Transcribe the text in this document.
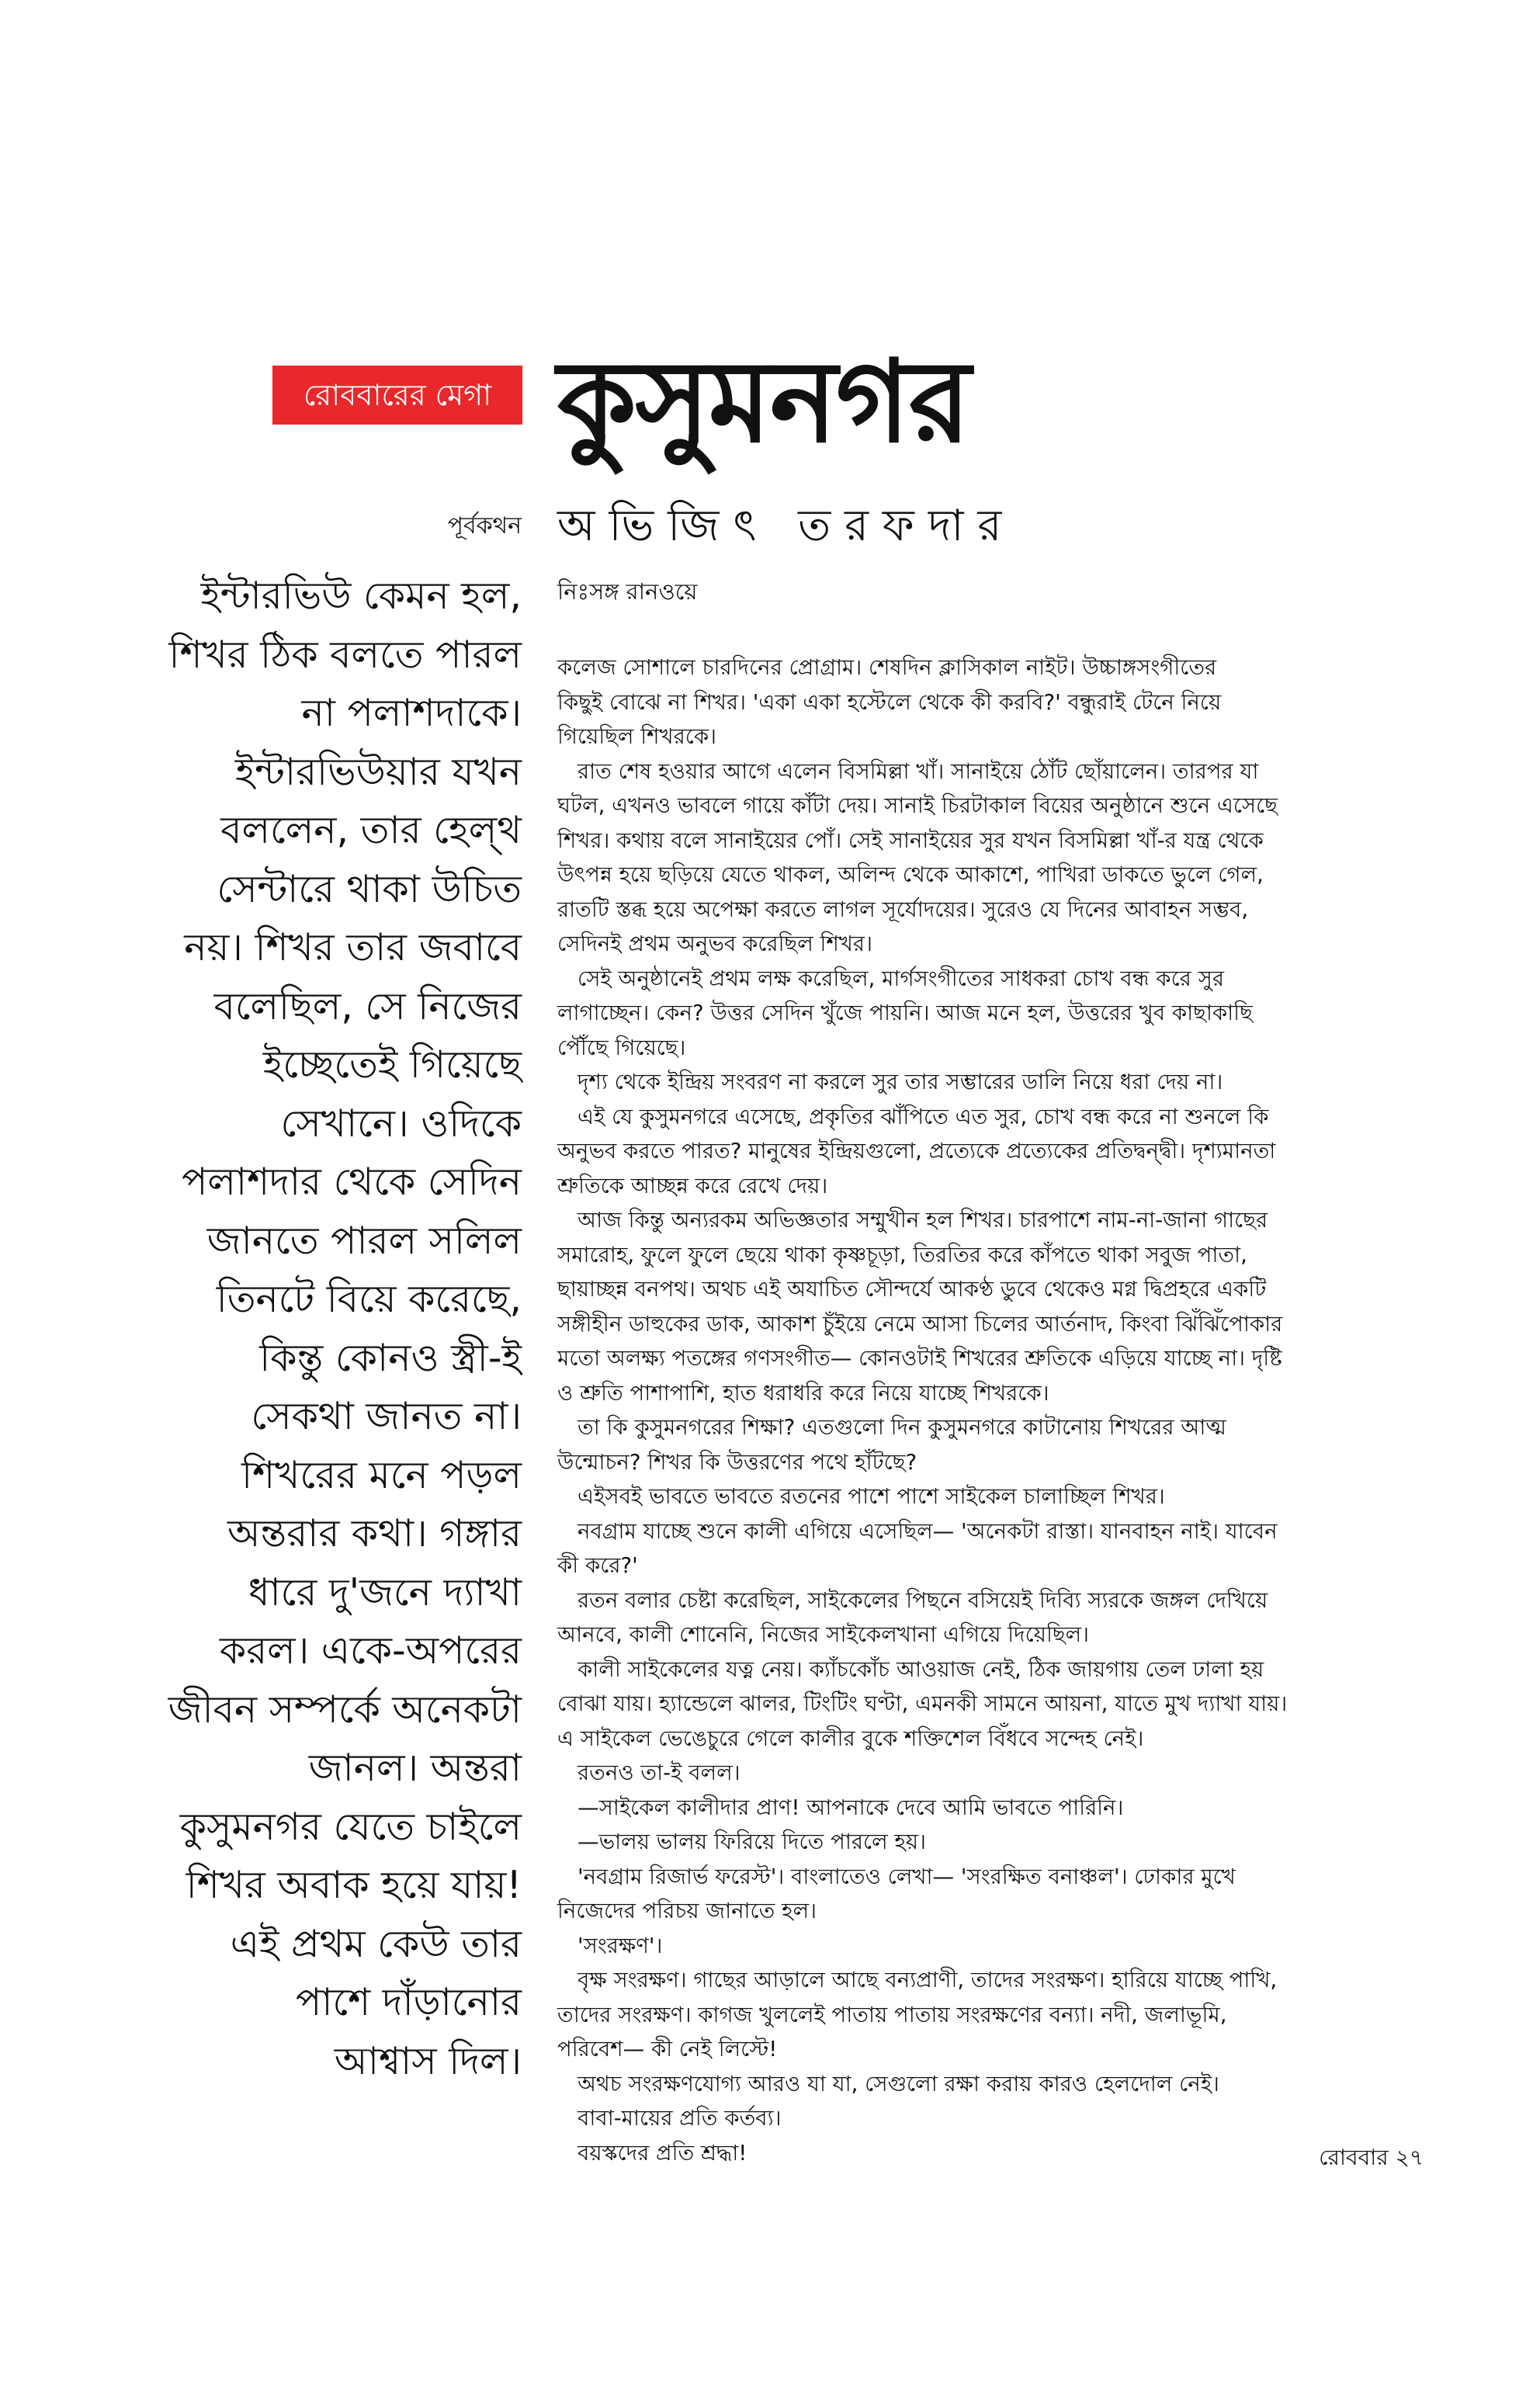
রোববারের মেগা কুসুমনগর
পূর্বকথন অভিজিৎ তরফদার
ইন্টারভিউ কেমন হল,
শিখর ঠিক বলতে পারল
না পলাশদাকে।
ইন্টারভিউয়ার যখন
বললেন, তার হেল্থ
সেন্টারে থাকা উচিত
নয়। শিখর তার জবাবে
বলেছিল, সে নিজের
ইচ্ছেতেই গিয়েছে
সেখানে। ওদিকে
পলাশদার থেকে সেদিন
জানতে পারল সলিল
তিনটে বিয়ে করেছে,
কিন্তু কোনও স্ত্রী-ই
সেকথা জানত না।
শিখরের মনে পড়ল
অন্তরার কথা। গঙ্গার
ধারে দু'জনে দ্যাখা
করল। একে-অপরের
জীবন সম্পর্কে অনেকটা
জানল। অন্তরা
কুসুমনগর যেতে চাইলে
শিখর অবাক হয়ে যায়!
এই প্রথম কেউ তার
পাশে দাঁড়ানোর
আশ্বাস দিল।
নিঃসঙ্গ রানওয়ে
কলেজ সোশালে চারদিনের প্রোগ্রাম। শেষদিন ক্লাসিকাল নাইট। উচ্চাঙ্গসংগীতের
কিছুই বোঝে না শিখর। 'একা একা হস্টেলে থেকে কী করবি?' বন্ধুরাই টেনে নিয়ে
গিয়েছিল শিখরকে।
রাত শেষ হওয়ার আগে এলেন বিসমিল্লা খাঁ। সানাইয়ে ঠোঁট ছোঁয়ালেন। তারপর যা
ঘটল, এখনও ভাবলে গায়ে কাঁটা দেয়। সানাই চিরটাকাল বিয়ের অনুষ্ঠানে শুনে এসেছে
শিখর। কথায় বলে সানাইয়ের পোঁ। সেই সানাইয়ের সুর যখন বিসমিল্লা খাঁ-র যন্ত্র থেকে
উৎপন্ন হয়ে ছড়িয়ে যেতে থাকল, অলিন্দ থেকে আকাশে, পাখিরা ডাকতে ভুলে গেল,
রাতটি স্তব্ধ হয়ে অপেক্ষা করতে লাগল সূর্যোদয়ের। সুরেও যে দিনের আবাহন সম্ভব,
সেদিনই প্রথম অনুভব করেছিল শিখর।
সেই অনুষ্ঠানেই প্রথম লক্ষ করেছিল, মার্গসংগীতের সাধকরা চোখ বন্ধ করে সুর
লাগাচ্ছেন। কেন? উত্তর সেদিন খুঁজে পায়নি। আজ মনে হল, উত্তরের খুব কাছাকাছি
পৌঁছে গিয়েছে।
দৃশ্য থেকে ইন্দ্রিয় সংবরণ না করলে সুর তার সম্ভারের ডালি নিয়ে ধরা দেয় না।
এই যে কুসুমনগরে এসেছে, প্রকৃতির ঝাঁপিতে এত সুর, চোখ বন্ধ করে না শুনলে কি
অনুভব করতে পারত? মানুষের ইন্দ্রিয়গুলো, প্রত্যেকে প্রত্যেকের প্রতিদ্বন্দ্বী। দৃশ্যমানতা
শ্রুতিকে আচ্ছন্ন করে রেখে দেয়।
আজ কিন্তু অন্যরকম অভিজ্ঞতার সম্মুখীন হল শিখর। চারপাশে নাম-না-জানা গাছের
সমারোহ, ফুলে ফুলে ছেয়ে থাকা কৃষ্ণচূড়া, তিরতির করে কাঁপতে থাকা সবুজ পাতা,
ছায়াচ্ছন্ন বনপথ। অথচ এই অযাচিত সৌন্দর্যে আকণ্ঠ ডুবে থেকেও মগ্ন দ্বিপ্রহরে একটি
সঙ্গীহীন ডাহুকের ডাক, আকাশ চুঁইয়ে নেমে আসা চিলের আর্তনাদ, কিংবা ঝিঁঝিঁপোকার
মতো অলক্ষ্য পতঙ্গের গণসংগীত— কোনওটাই শিখরের শ্রুতিকে এড়িয়ে যাচ্ছে না। দৃষ্টি
ও শ্রুতি পাশাপাশি, হাত ধরাধরি করে নিয়ে যাচ্ছে শিখরকে।
তা কি কুসুমনগরের শিক্ষা? এতগুলো দিন কুসুমনগরে কাটানোয় শিখরের আত্ম
উন্মোচন? শিখর কি উত্তরণের পথে হাঁটছে?
এইসবই ভাবতে ভাবতে রতনের পাশে পাশে সাইকেল চালাচ্ছিল শিখর।
নবগ্রাম যাচ্ছে শুনে কালী এগিয়ে এসেছিল— 'অনেকটা রাস্তা। যানবাহন নাই। যাবেন
কী করে?'
রতন বলার চেষ্টা করেছিল, সাইকেলের পিছনে বসিয়েই দিব্যি স্যরকে জঙ্গল দেখিয়ে
আনবে, কালী শোনেনি, নিজের সাইকেলখানা এগিয়ে দিয়েছিল।
কালী সাইকেলের যত্ন নেয়। ক্যাঁচকোঁচ আওয়াজ নেই, ঠিক জায়গায় তেল ঢালা হয়
বোঝা যায়। হ্যান্ডেলে ঝালর, টিংটিং ঘণ্টা, এমনকী সামনে আয়না, যাতে মুখ দ্যাখা যায়।
এ সাইকেল ভেঙেচুরে গেলে কালীর বুকে শক্তিশেল বিঁধবে সন্দেহ নেই।
রতনও তা-ই বলল।
—সাইকেল কালীদার প্রাণ! আপনাকে দেবে আমি ভাবতে পারিনি।
—ভালয় ভালয় ফিরিয়ে দিতে পারলে হয়।
'নবগ্রাম রিজার্ভ ফরেস্ট'। বাংলাতেও লেখা— 'সংরক্ষিত বনাঞ্চল'। ঢোকার মুখে
নিজেদের পরিচয় জানাতে হল।
'সংরক্ষণ'।
বৃক্ষ সংরক্ষণ। গাছের আড়ালে আছে বন্যপ্রাণী, তাদের সংরক্ষণ। হারিয়ে যাচ্ছে পাখি,
তাদের সংরক্ষণ। কাগজ খুললেই পাতায় পাতায় সংরক্ষণের বন্যা। নদী, জলাভূমি,
পরিবেশ— কী নেই লিস্টে!
অথচ সংরক্ষণযোগ্য আরও যা যা, সেগুলো রক্ষা করায় কারও হেলদোল নেই।
বাবা-মায়ের প্রতি কর্তব্য।
বয়স্কদের প্রতি শ্রদ্ধা!	রোববার ২৭
